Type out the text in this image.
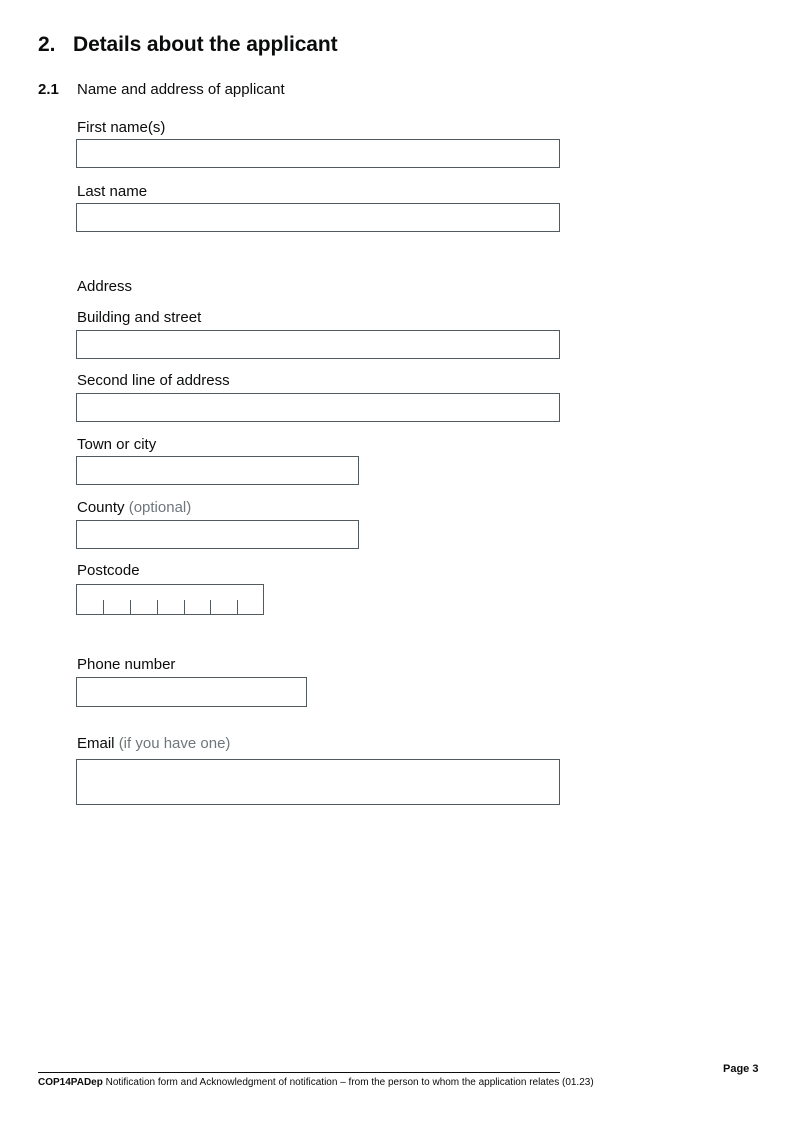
2. Details about the applicant
2.1 Name and address of applicant
First name(s)
Last name
Address
Building and street
Second line of address
Town or city
County (optional)
Postcode
Phone number
Email (if you have one)
Page 3
COP14PADep Notification form and Acknowledgment of notification – from the person to whom the application relates (01.23)
